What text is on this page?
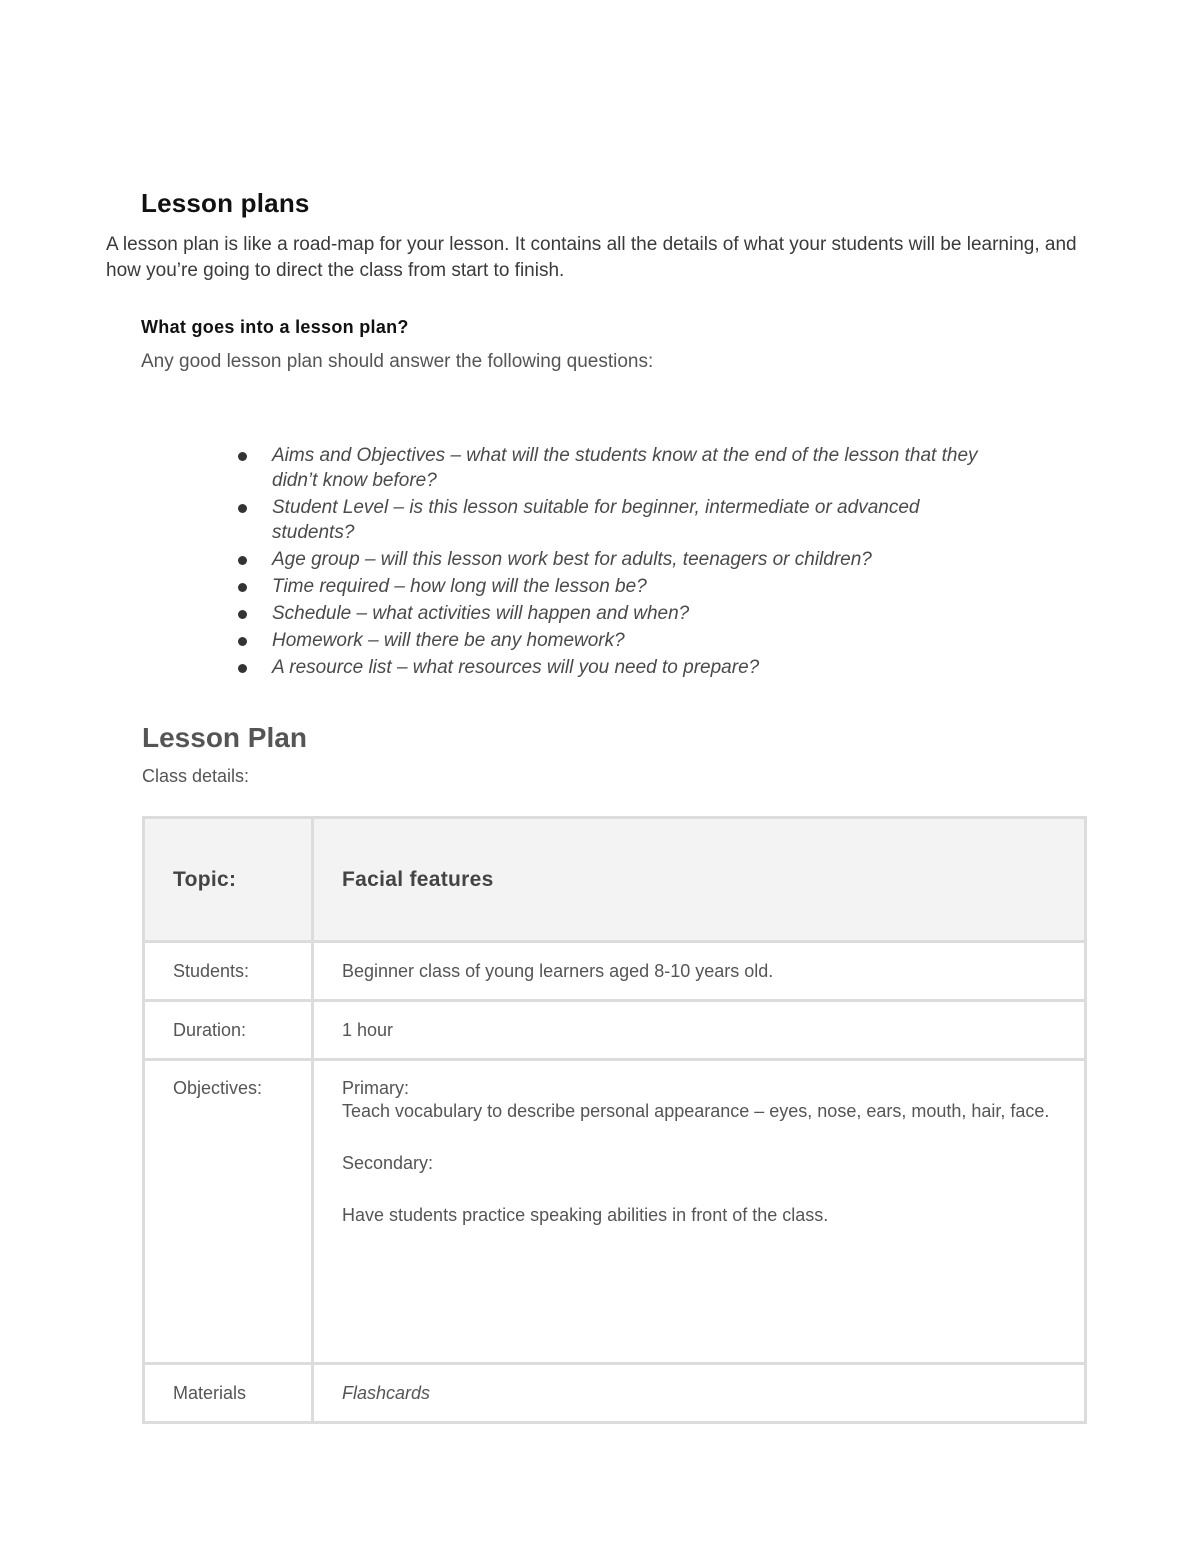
Lesson plans

A lesson plan is like a road-map for your lesson. It contains all the details of what your students will be learning, and how you’re going to direct the class from start to finish.

What goes into a lesson plan?

Any good lesson plan should answer the following questions:

Aims and Objectives – what will the students know at the end of the lesson that they didn’t know before?
Student Level – is this lesson suitable for beginner, intermediate or advanced students?
Age group – will this lesson work best for adults, teenagers or children?
Time required – how long will the lesson be?
Schedule – what activities will happen and when?
Homework – will there be any homework?
A resource list – what resources will you need to prepare?
Lesson Plan

Class details:

Topic:	Facial features
Students:	Beginner class of young learners aged 8-10 years old.
Duration:	1 hour
Objectives:	Primary:
Teach vocabulary to describe personal appearance – eyes, nose, ears, mouth, hair, face.
Secondary:
Have students practice speaking abilities in front of the class.

Materials	Flashcards
